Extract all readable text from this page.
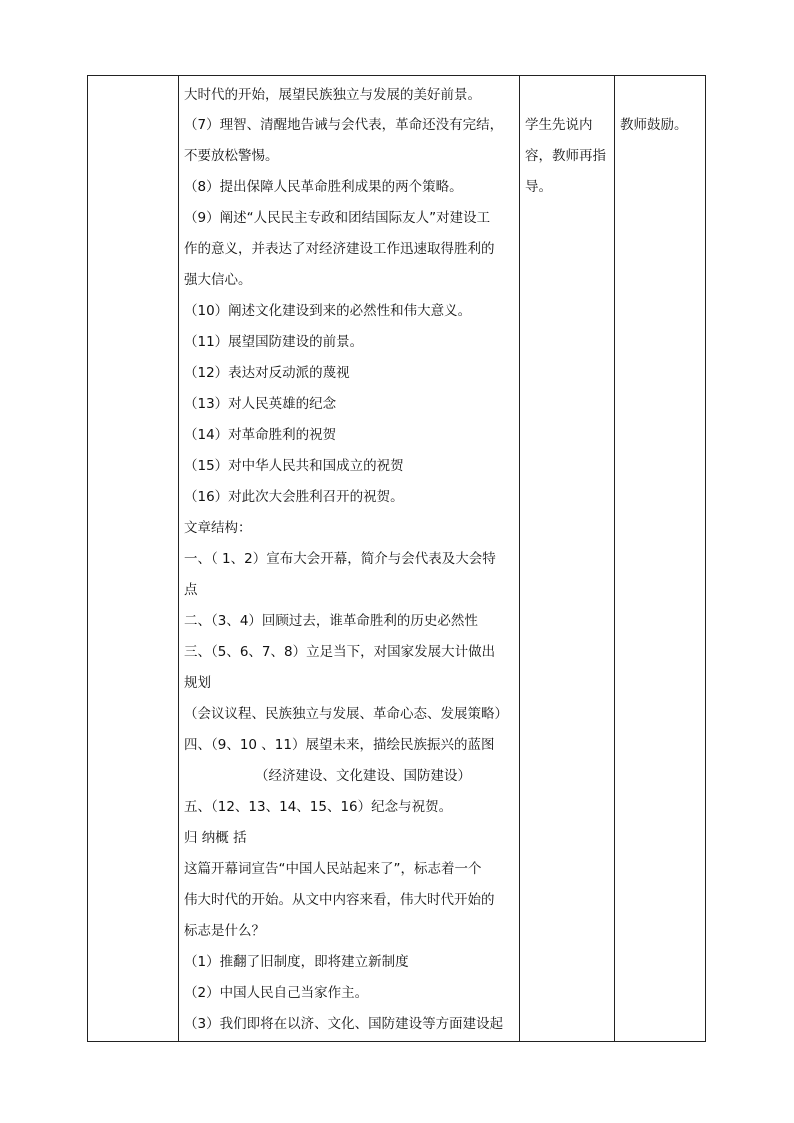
大时代的开始，展望民族独立与发展的美好前景。
（7）理智、清醒地告诫与会代表，革命还没有完结，
不要放松警惕。
（8）提出保障人民革命胜利成果的两个策略。
（9）阐述“人民民主专政和团结国际友人”对建设工
作的意义，并表达了对经济建设工作迅速取得胜利的
强大信心。
（10）阐述文化建设到来的必然性和伟大意义。
（11）展望国防建设的前景。
（12）表达对反动派的蔑视
（13）对人民英雄的纪念
（14）对革命胜利的祝贺
（15）对中华人民共和国成立的祝贺
（16）对此次大会胜利召开的祝贺。
文章结构：
一、（ 1、2）宣布大会开幕，简介与会代表及大会特
点
二、（3、4）回顾过去，谁革命胜利的历史必然性
三、（5、6、7、8）立足当下，对国家发展大计做出
规划
（会议议程、民族独立与发展、革命心态、发展策略）
四、（9、10 、11）展望未来，描绘民族振兴的蓝图
（经济建设、文化建设、国防建设）
五、（12、13、14、15、16）纪念与祝贺。
归 纳概 括
这篇开幕词宣告“中国人民站起来了”，标志着一个
伟大时代的开始。从文中内容来看，伟大时代开始的
标志是什么？
（1）推翻了旧制度，即将建立新制度
（2）中国人民自己当家作主。
（3）我们即将在以济、文化、国防建设等方面建设起
学生先说内
容，教师再指
导。
教师鼓励。
